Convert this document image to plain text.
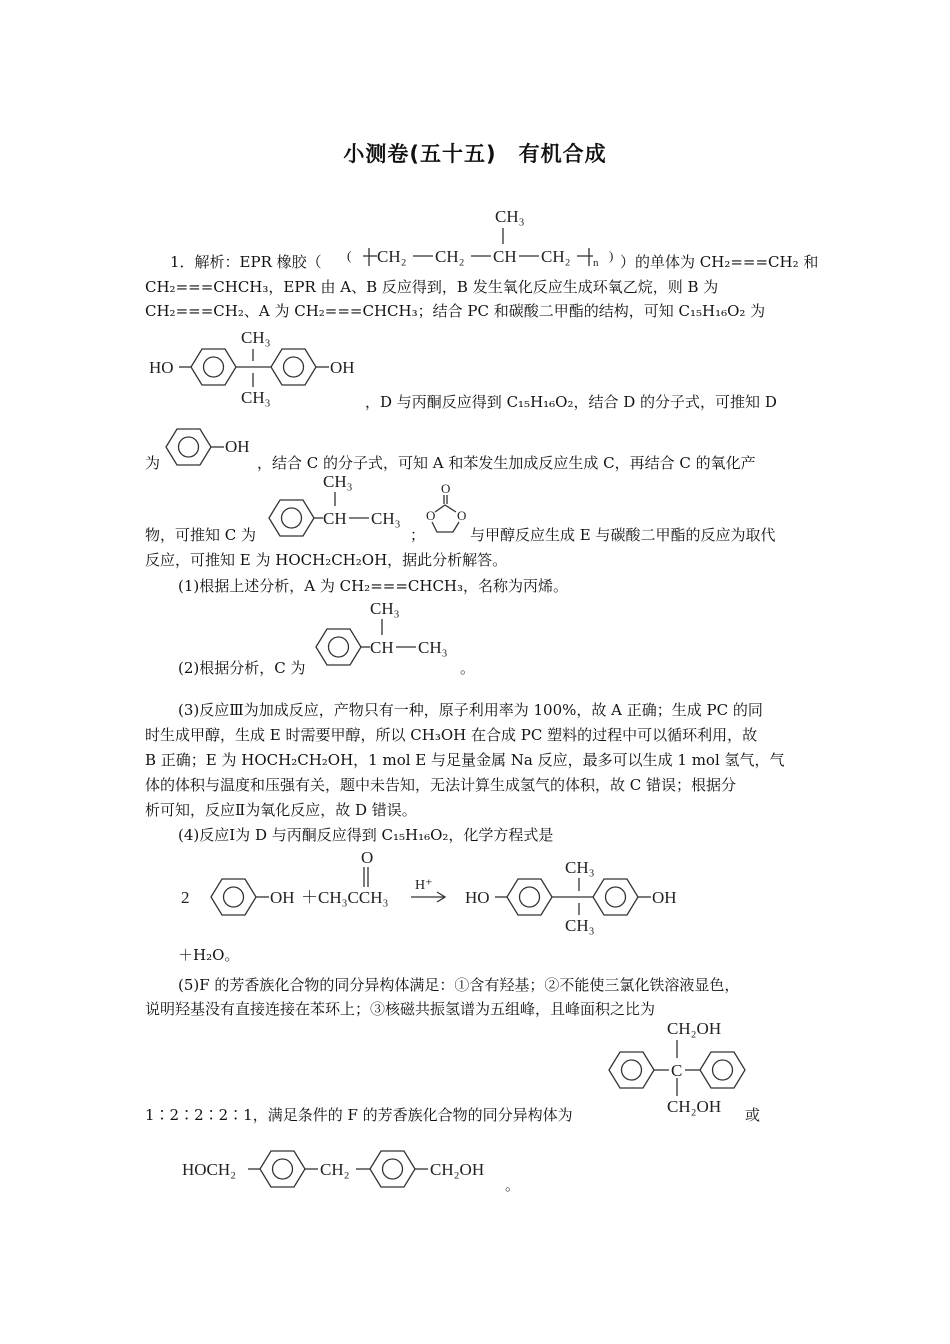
小测卷(五十五)　有机合成
1．解析：EPR 橡胶（	）的单体为 CH₂===CH₂ 和
CH₃
CH₂ CH₂ CH CH₂ n
(	)
CH₂===CHCH₃，EPR 由 A、B 反应得到，B 发生氧化反应生成环氧乙烷，则 B 为
CH₂===CH₂、A 为 CH₂===CHCH₃；结合 PC 和碳酸二甲酯的结构，可知 C₁₅H₁₆O₂ 为
CH₃
HO	OH
CH₃	，D 与丙酮反应得到 C₁₅H₁₆O₂，结合 D 的分子式，可推知 D
为
OH
，结合 C 的分子式，可知 A 和苯发生加成反应生成 C，再结合 C 的氧化产
物，可推知 C 为
CH₃
CH CH₃
；
O
O O
与甲醇反应生成 E 与碳酸二甲酯的反应为取代
反应，可推知 E 为 HOCH₂CH₂OH，据此分析解答。
(1)根据上述分析，A 为 CH₂===CHCH₃，名称为丙烯。
(2)根据分析，C 为
CH₃
CH CH₃
。
(3)反应Ⅲ为加成反应，产物只有一种，原子利用率为 100%，故 A 正确；生成 PC 的同
时生成甲醇，生成 E 时需要甲醇，所以 CH₃OH 在合成 PC 塑料的过程中可以循环利用，故
B 正确；E 为 HOCH₂CH₂OH，1 mol E 与足量金属 Na 反应，最多可以生成 1 mol 氢气，气
体的体积与温度和压强有关，题中未告知，无法计算生成氢气的体积，故 C 错误；根据分
析可知，反应Ⅱ为氧化反应，故 D 错误。
(4)反应Ⅰ为 D 与丙酮反应得到 C₁₅H₁₆O₂，化学方程式是
2	OH
O
＋CH₃CCH₃
H⁺
HO
CH₃
CH₃
OH
＋H₂O。
(5)F 的芳香族化合物的同分异构体满足：①含有羟基；②不能使三氯化铁溶液显色，
说明羟基没有直接连接在苯环上；③核磁共振氢谱为五组峰，且峰面积之比为
CH₂OH
C
CH₂OH
1∶2∶2∶2∶1，满足条件的 F 的芳香族化合物的同分异构体为	或
HOCH₂	CH₂	CH₂OH
。
